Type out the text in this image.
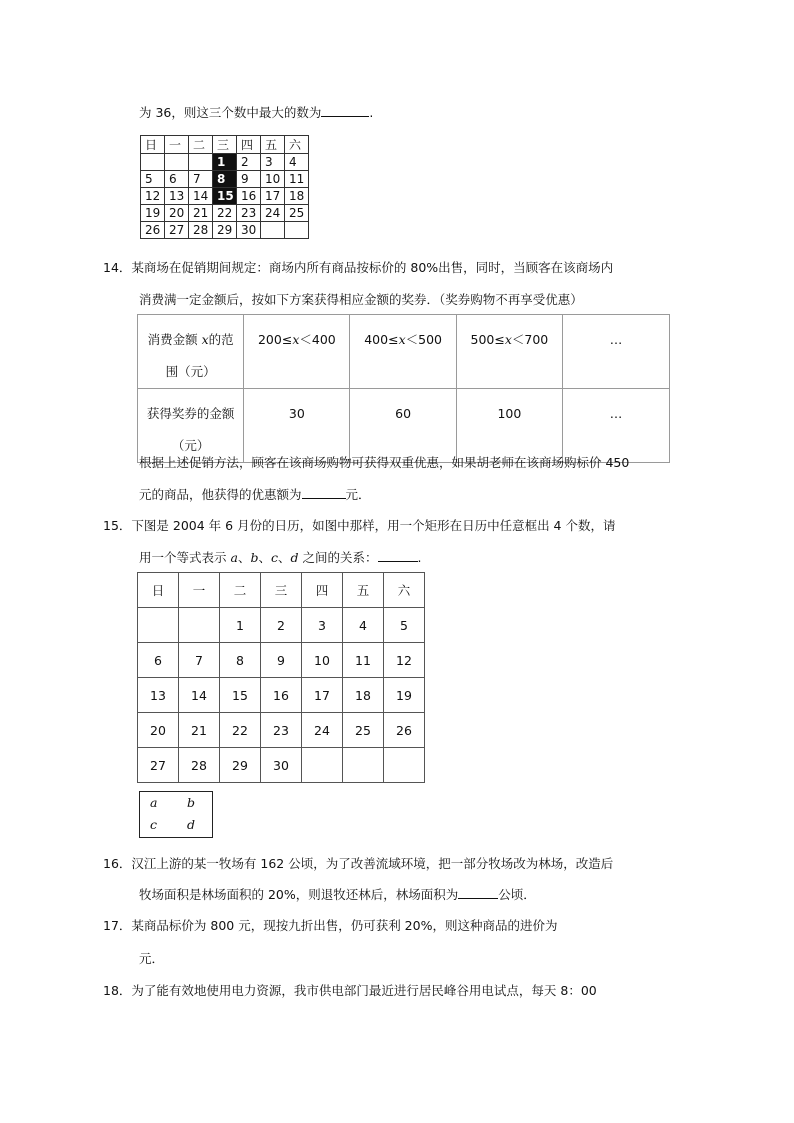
为 36，则这三个数中最大的数为	.
日	一	二	三	四	五	六
			1	2	3	4
5	6	7	8	9	10	11
12	13	14	15	16	17	18
19	20	21	22	23	24	25
26	27	28	29	30		
14．某商场在促销期间规定：商场内所有商品按标价的 80%出售，同时，当顾客在该商场内
消费满一定金额后，按如下方案获得相应金额的奖券．（奖券购物不再享受优惠）
消费金额 x的范
围（元）	200≤x＜400	400≤x＜500	500≤x＜700	…

获得奖券的金额
（元）	30	60	100	…
根据上述促销方法，顾客在该商场购物可获得双重优惠，如果胡老师在该商场购标价 450
元的商品，他获得的优惠额为	元．
15．下图是 2004 年 6 月份的日历，如图中那样，用一个矩形在日历中任意框出 4 个数，请
用一个等式表示 a、b、c、d 之间的关系：	.
日	一	二	三	四	五	六
		1	2	3	4	5
6	7	8	9	10	11	12
13	14	15	16	17	18	19
20	21	22	23	24	25	26
27	28	29	30			
a b
c d
16．汉江上游的某一牧场有 162 公顷，为了改善流域环境，把一部分牧场改为林场，改造后
牧场面积是林场面积的 20%，则退牧还林后，林场面积为	公顷．
17．某商品标价为 800 元，现按九折出售，仍可获利 20%，则这种商品的进价为
元．
18．为了能有效地使用电力资源，我市供电部门最近进行居民峰谷用电试点，每天 8：00
